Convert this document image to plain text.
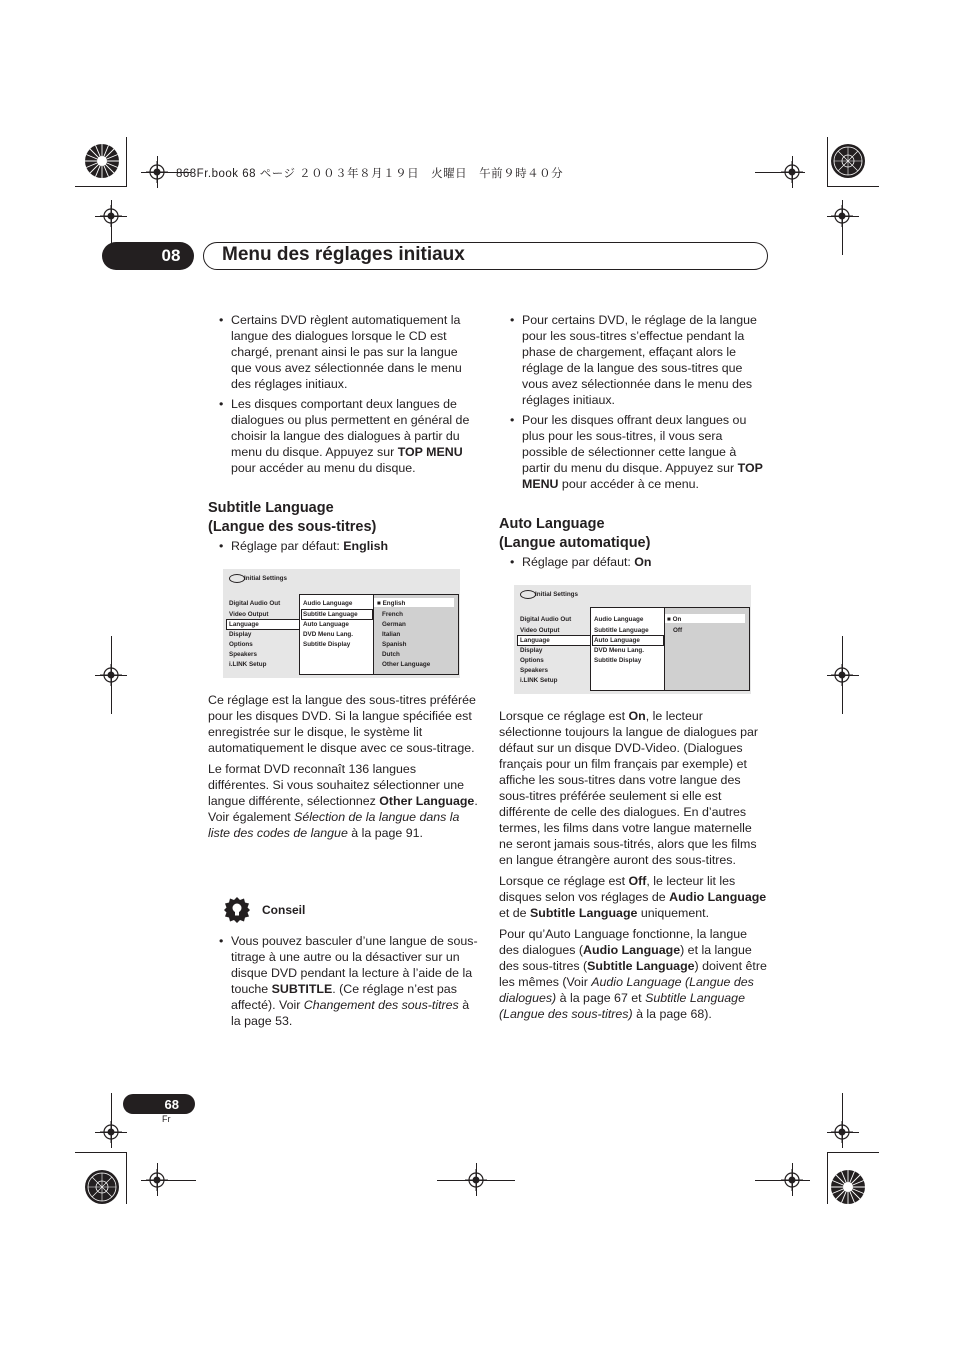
868Fr.book 68 ページ ２００３年８月１９日　火曜日　午前９時４０分
08 Menu des réglages initiaux
• Certains DVD règlent automatiquement la langue des dialogues lorsque le CD est chargé, prenant ainsi le pas sur la langue que vous avez sélectionnée dans le menu des réglages initiaux.
• Les disques comportant deux langues de dialogues ou plus permettent en général de choisir la langue des dialogues à partir du menu du disque. Appuyez sur TOP MENU pour accéder au menu du disque.
Subtitle Language
(Langue des sous-titres)
• Réglage par défaut: English
Initial Settings
Digital Audio Out
Video Output
Language
Display
Options
Speakers
i.LINK Setup
Audio Language
Subtitle Language
Auto Language
DVD Menu Lang.
Subtitle Display
■ English
French
German
Italian
Spanish
Dutch
Other Language

Ce réglage est la langue des sous-titres préférée pour les disques DVD. Si la langue spécifiée est enregistrée sur le disque, le système lit automatiquement le disque avec ce sous-titrage.

Le format DVD reconnaît 136 langues différentes. Si vous souhaitez sélectionner une langue différente, sélectionnez Other Language. Voir également Sélection de la langue dans la liste des codes de langue à la page 91.

Conseil
• Vous pouvez basculer d’une langue de sous-titrage à une autre ou la désactiver sur un disque DVD pendant la lecture à l’aide de la touche SUBTITLE. (Ce réglage n’est pas affecté). Voir Changement des sous-titres à la page 53.
• Pour certains DVD, le réglage de la langue pour les sous-titres s’effectue pendant la phase de chargement, effaçant alors le réglage de la langue des sous-titres que vous avez sélectionnée dans le menu des réglages initiaux.
• Pour les disques offrant deux langues ou plus pour les sous-titres, il vous sera possible de sélectionner cette langue à partir du menu du disque. Appuyez sur TOP MENU pour accéder à ce menu.
Auto Language
(Langue automatique)
• Réglage par défaut: On
Initial Settings
Digital Audio Out
Video Output
Language
Display
Options
Speakers
i.LINK Setup
Audio Language
Subtitle Language
Auto Language
DVD Menu Lang.
Subtitle Display
■ On
Off

Lorsque ce réglage est On, le lecteur sélectionne toujours la langue de dialogues par défaut sur un disque DVD-Video. (Dialogues français pour un film français par exemple) et affiche les sous-titres dans votre langue des sous-titres préférée seulement si elle est différente de celle des dialogues. En d’autres termes, les films dans votre langue maternelle ne seront jamais sous-titrés, alors que les films en langue étrangère auront des sous-titres.

Lorsque ce réglage est Off, le lecteur lit les disques selon vos réglages de Audio Language et de Subtitle Language uniquement.

Pour qu’Auto Language fonctionne, la langue des dialogues (Audio Language) et la langue des sous-titres (Subtitle Language) doivent être les mêmes (Voir Audio Language (Langue des dialogues) à la page 67 et Subtitle Language (Langue des sous-titres) à la page 68).

68
Fr
